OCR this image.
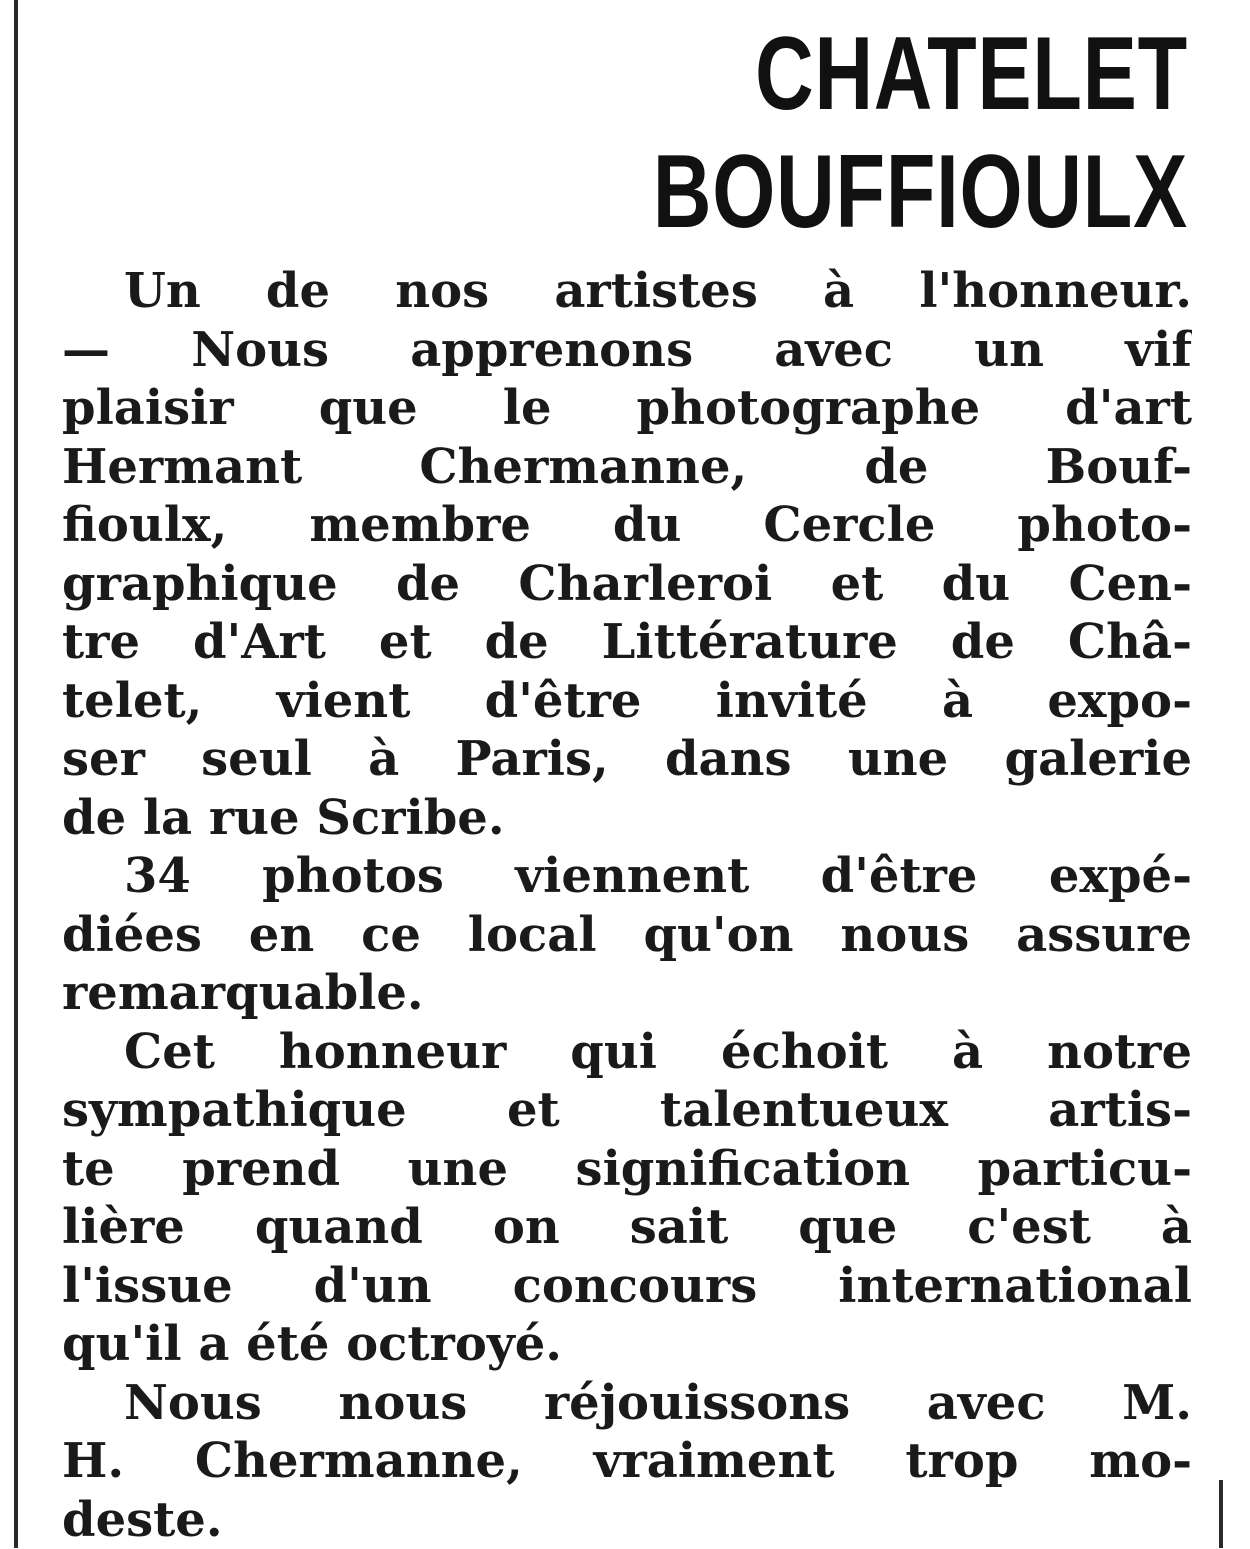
CHATELET
BOUFFIOULX
Un de nos artistes à l'honneur.
— Nous apprenons avec un vif
plaisir que le photographe d'art
Hermant Chermanne, de Bouf-
fioulx, membre du Cercle photo-
graphique de Charleroi et du Cen-
tre d'Art et de Littérature de Châ-
telet, vient d'être invité à expo-
ser seul à Paris, dans une galerie
de la rue Scribe.
34 photos viennent d'être expé-
diées en ce local qu'on nous assure
remarquable.
Cet honneur qui échoit à notre
sympathique et talentueux artis-
te prend une signification particu-
lière quand on sait que c'est à
l'issue d'un concours international
qu'il a été octroyé.
Nous nous réjouissons avec M.
H. Chermanne, vraiment trop mo-
deste.
